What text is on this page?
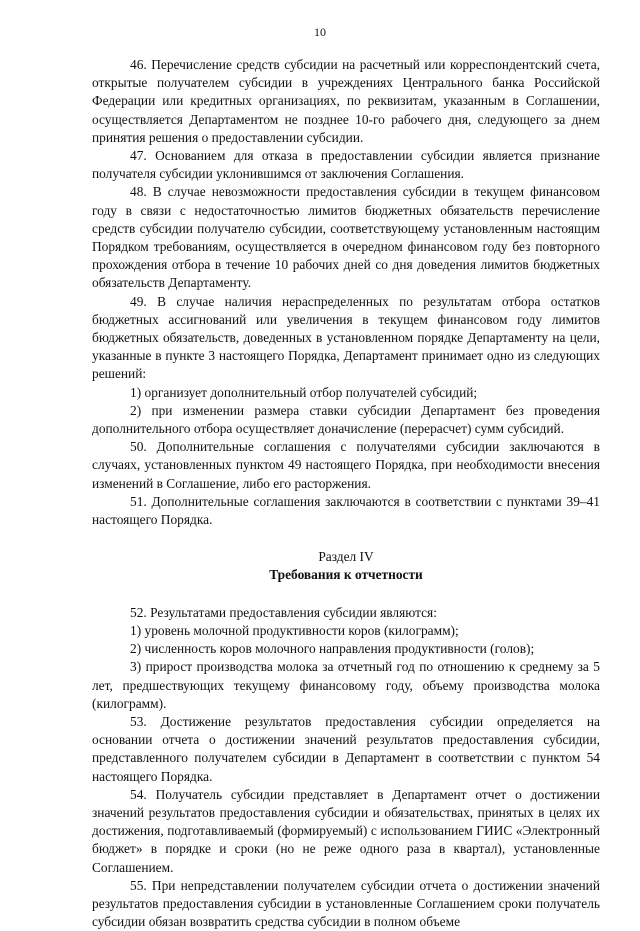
10

46. Перечисление средств субсидии на расчетный или корреспондентский счета, открытые получателем субсидии в учреждениях Центрального банка Российской Федерации или кредитных организациях, по реквизитам, указанным в Соглашении, осуществляется Департаментом не позднее 10-го рабочего дня, следующего за днем принятия решения о предоставлении субсидии.

47. Основанием для отказа в предоставлении субсидии является признание получателя субсидии уклонившимся от заключения Соглашения.

48. В случае невозможности предоставления субсидии в текущем финансовом году в связи с недостаточностью лимитов бюджетных обязательств перечисление средств субсидии получателю субсидии, соответствующему установленным настоящим Порядком требованиям, осуществляется в очередном финансовом году без повторного прохождения отбора в течение 10 рабочих дней со дня доведения лимитов бюджетных обязательств Департаменту.

49. В случае наличия нераспределенных по результатам отбора остатков бюджетных ассигнований или увеличения в текущем финансовом году лимитов бюджетных обязательств, доведенных в установленном порядке Департаменту на цели, указанные в пункте 3 настоящего Порядка, Департамент принимает одно из следующих решений:

1) организует дополнительный отбор получателей субсидий;

2) при изменении размера ставки субсидии Департамент без проведения дополнительного отбора осуществляет доначисление (перерасчет) сумм субсидий.

50. Дополнительные соглашения с получателями субсидии заключаются в случаях, установленных пунктом 49 настоящего Порядка, при необходимости внесения изменений в Соглашение, либо его расторжения.

51. Дополнительные соглашения заключаются в соответствии с пунктами 39–41 настоящего Порядка.

Раздел IV

Требования к отчетности

52. Результатами предоставления субсидии являются:

1) уровень молочной продуктивности коров (килограмм);

2) численность коров молочного направления продуктивности (голов);

3) прирост производства молока за отчетный год по отношению к среднему за 5 лет, предшествующих текущему финансовому году, объему производства молока (килограмм).

53. Достижение результатов предоставления субсидии определяется на основании отчета о достижении значений результатов предоставления субсидии, представленного получателем субсидии в Департамент в соответствии с пунктом 54 настоящего Порядка.

54. Получатель субсидии представляет в Департамент отчет о достижении значений результатов предоставления субсидии и обязательствах, принятых в целях их достижения, подготавливаемый (формируемый) с использованием ГИИС «Электронный бюджет» в порядке и сроки (но не реже одного раза в квартал), установленные Соглашением.

55. При непредставлении получателем субсидии отчета о достижении значений результатов предоставления субсидии в установленные Соглашением сроки получатель субсидии обязан возвратить средства субсидии в полном объеме
